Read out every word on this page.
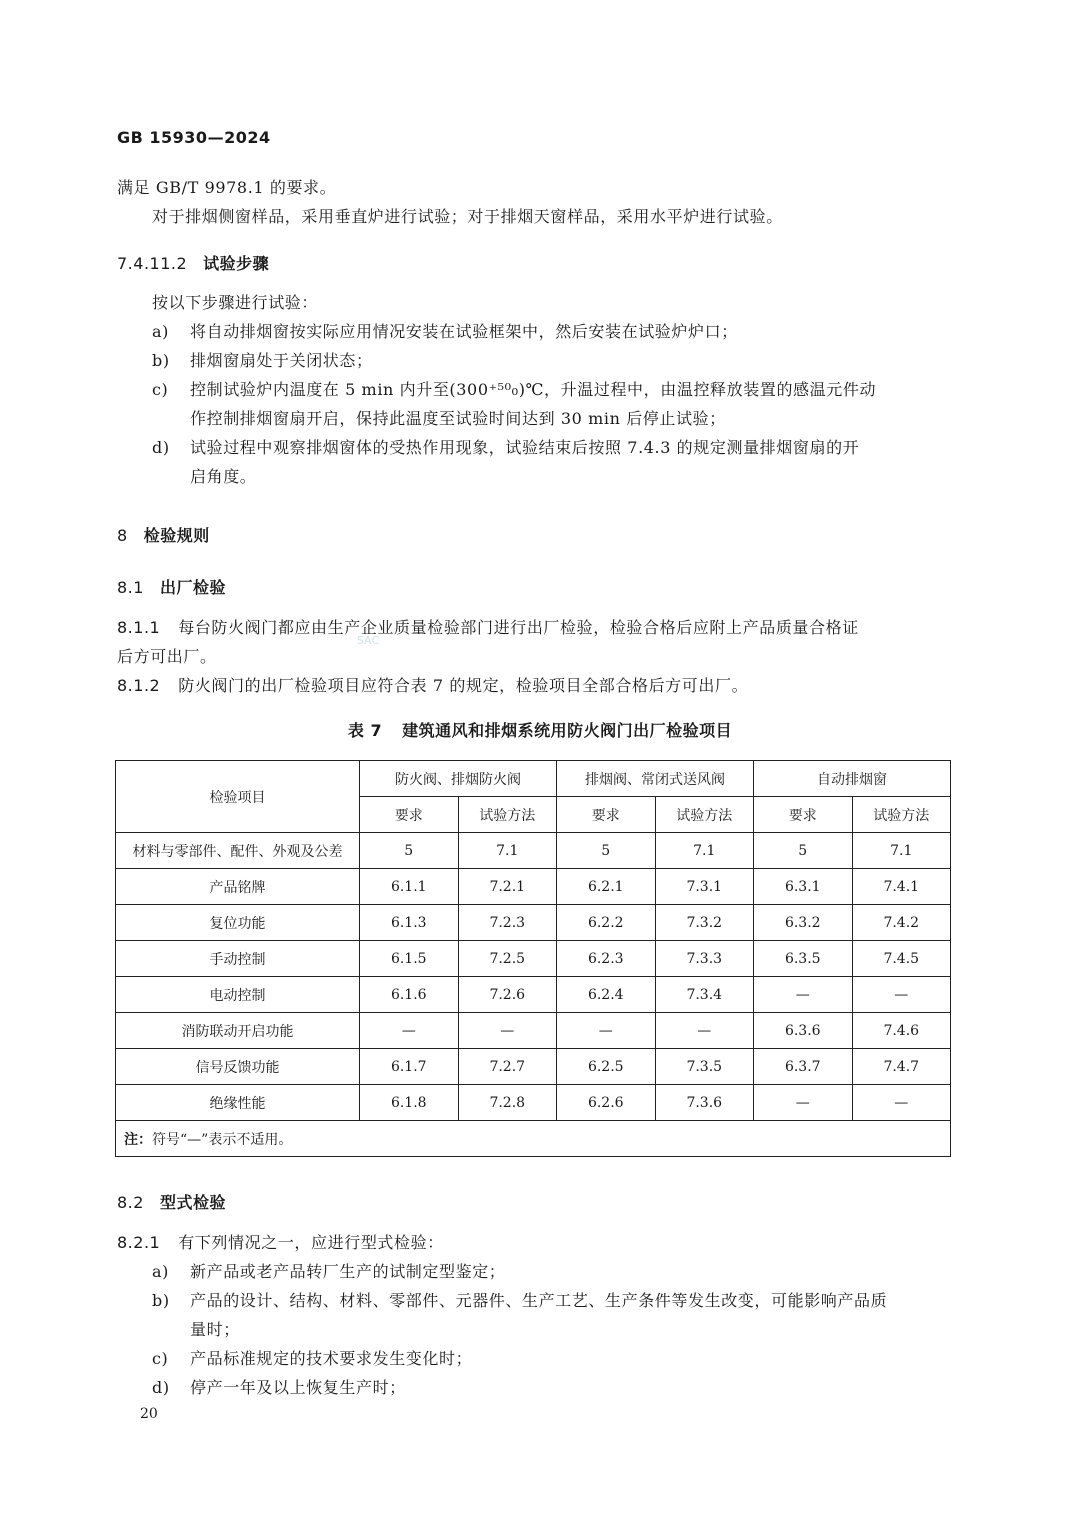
GB 15930—2024
满足 GB/T 9978.1 的要求。
对于排烟侧窗样品，采用垂直炉进行试验；对于排烟天窗样品，采用水平炉进行试验。
7.4.11.2 试验步骤
按以下步骤进行试验：
a) 将自动排烟窗按实际应用情况安装在试验框架中，然后安装在试验炉炉口；
b) 排烟窗扇处于关闭状态；
c) 控制试验炉内温度在 5 min 内升至(300⁺⁵⁰₀)℃，升温过程中，由温控释放装置的感温元件动
作控制排烟窗扇开启，保持此温度至试验时间达到 30 min 后停止试验；
d) 试验过程中观察排烟窗体的受热作用现象，试验结束后按照 7.4.3 的规定测量排烟窗扇的开
启角度。
8 检验规则
8.1 出厂检验
8.1.1 每台防火阀门都应由生产企业质量检验部门进行出厂检验，检验合格后应附上产品质量合格证
后方可出厂。
8.1.2 防火阀门的出厂检验项目应符合表 7 的规定，检验项目全部合格后方可出厂。
SAC
表 7 建筑通风和排烟系统用防火阀门出厂检验项目
检验项目	防火阀、排烟防火阀		排烟阀、常闭式送风阀		自动排烟窗	
	要求	试验方法	要求	试验方法	要求	试验方法
材料与零部件、配件、外观及公差	5	7.1	5	7.1	5	7.1
产品铭牌	6.1.1	7.2.1	6.2.1	7.3.1	6.3.1	7.4.1
复位功能	6.1.3	7.2.3	6.2.2	7.3.2	6.3.2	7.4.2
手动控制	6.1.5	7.2.5	6.2.3	7.3.3	6.3.5	7.4.5
电动控制	6.1.6	7.2.6	6.2.4	7.3.4	—	—
消防联动开启功能	—	—	—	—	6.3.6	7.4.6
信号反馈功能	6.1.7	7.2.7	6.2.5	7.3.5	6.3.7	7.4.7
绝缘性能	6.1.8	7.2.8	6.2.6	7.3.6	—	—
注：符号“—”表示不适用。						
8.2 型式检验
8.2.1 有下列情况之一，应进行型式检验：
a) 新产品或老产品转厂生产的试制定型鉴定；
b) 产品的设计、结构、材料、零部件、元器件、生产工艺、生产条件等发生改变，可能影响产品质
量时；
c) 产品标准规定的技术要求发生变化时；
d) 停产一年及以上恢复生产时；
20
